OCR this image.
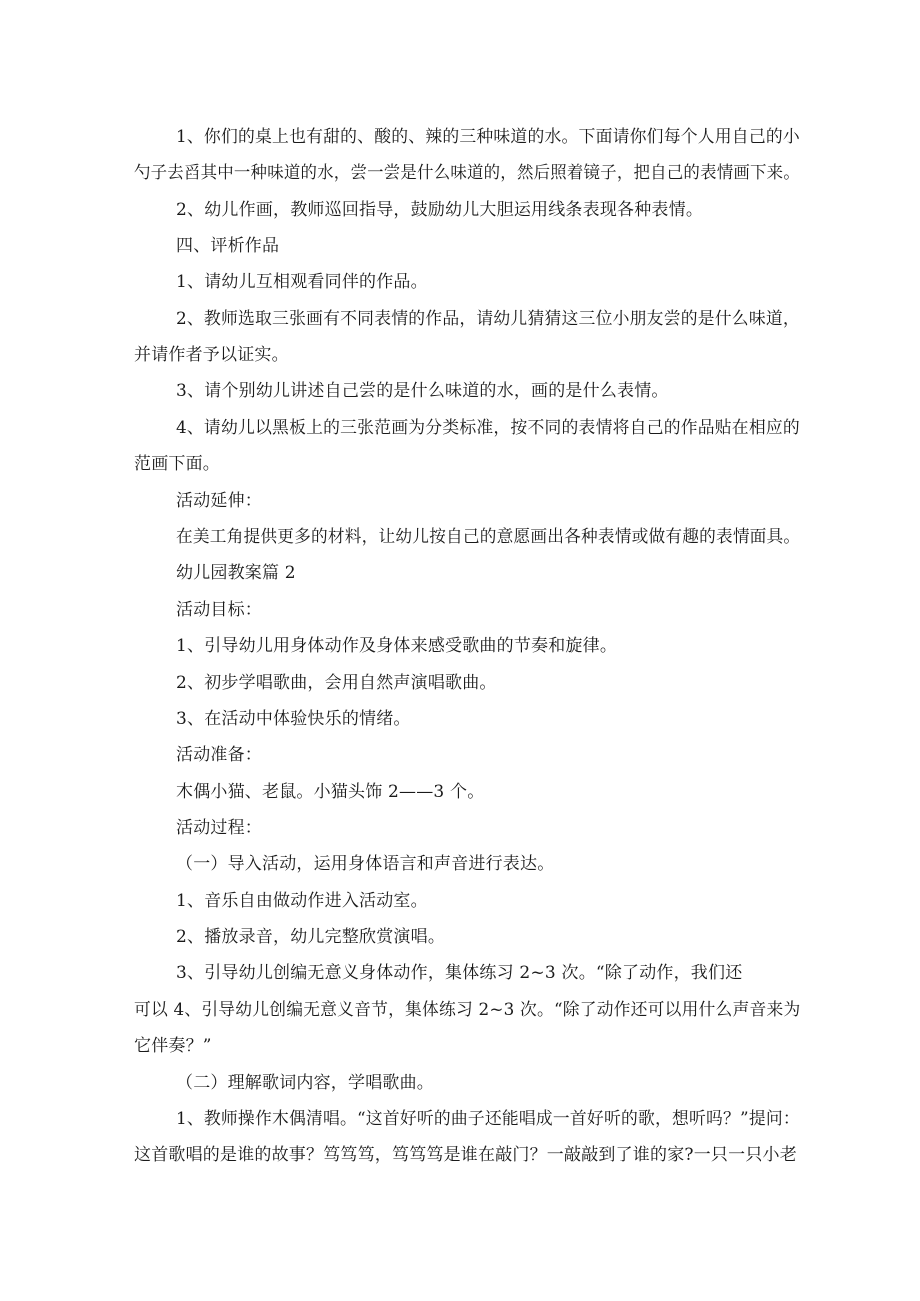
1、你们的桌上也有甜的、酸的、辣的三种味道的水。下面请你们每个人用自己的小
勺子去舀其中一种味道的水，尝一尝是什么味道的，然后照着镜子，把自己的表情画下来。
2、幼儿作画，教师巡回指导，鼓励幼儿大胆运用线条表现各种表情。
四、评析作品
1、请幼儿互相观看同伴的作品。
2、教师选取三张画有不同表情的作品，请幼儿猜猜这三位小朋友尝的是什么味道，
并请作者予以证实。
3、请个别幼儿讲述自己尝的是什么味道的水，画的是什么表情。
4、请幼儿以黑板上的三张范画为分类标准，按不同的表情将自己的作品贴在相应的
范画下面。
活动延伸：
在美工角提供更多的材料，让幼儿按自己的意愿画出各种表情或做有趣的表情面具。
幼儿园教案篇 2
活动目标：
1、引导幼儿用身体动作及身体来感受歌曲的节奏和旋律。
2、初步学唱歌曲，会用自然声演唱歌曲。
3、在活动中体验快乐的情绪。
活动准备：
木偶小猫、老鼠。小猫头饰 2——3 个。
活动过程：
（一）导入活动，运用身体语言和声音进行表达。
1、音乐自由做动作进入活动室。
2、播放录音，幼儿完整欣赏演唱。
3、引导幼儿创编无意义身体动作，集体练习 2~3 次。“除了动作，我们还
可以 4、引导幼儿创编无意义音节，集体练习 2~3 次。“除了动作还可以用什么声音来为
它伴奏？”
（二）理解歌词内容，学唱歌曲。
1、教师操作木偶清唱。“这首好听的曲子还能唱成一首好听的歌，想听吗？”提问：
这首歌唱的是谁的故事？笃笃笃，笃笃笃是谁在敲门？一敲敲到了谁的家?一只一只小老
